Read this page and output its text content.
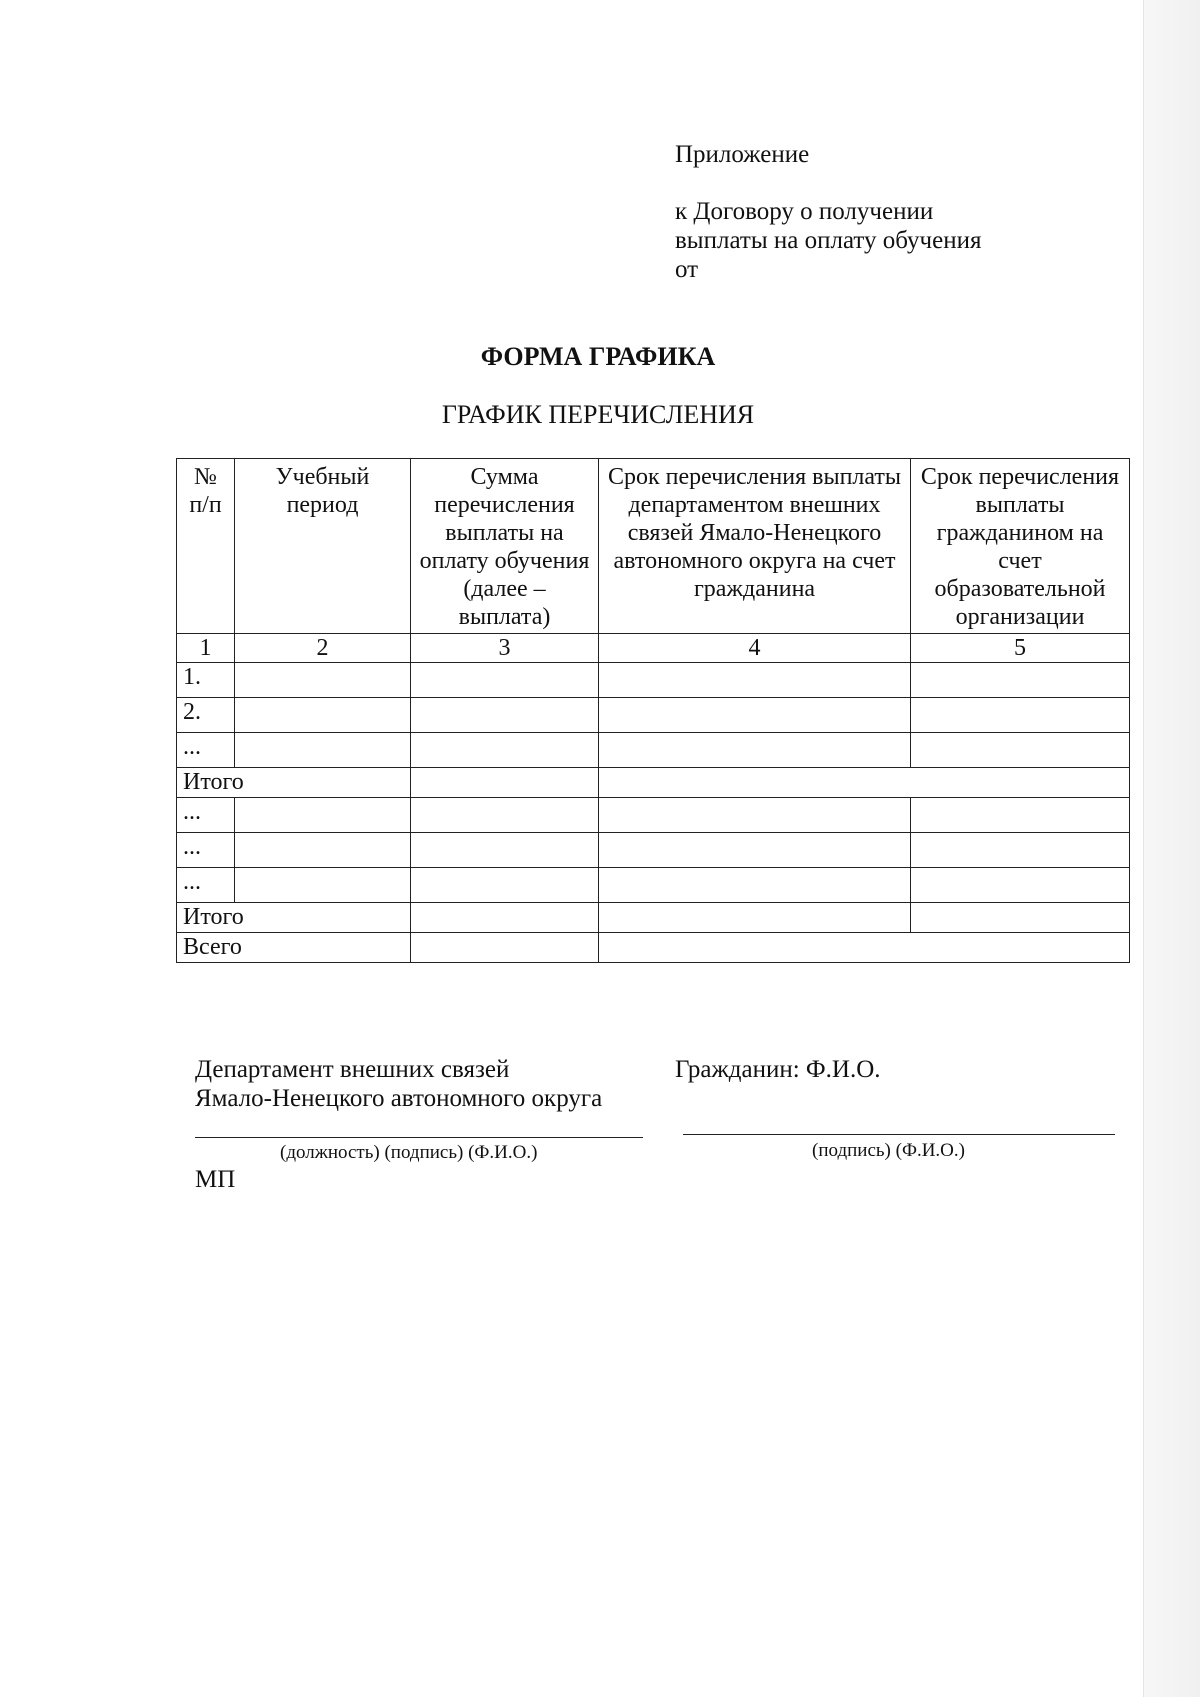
Приложение

к Договору о получении

выплаты на оплату обучения

от

ФОРМА ГРАФИКА
ГРАФИК ПЕРЕЧИСЛЕНИЯ
№ п/п	Учебный период	Сумма перечисления выплаты на оплату обучения (далее – выплата)	Срок перечисления выплаты департаментом внешних связей Ямало-Ненецкого автономного округа на счет гражданина	Срок перечисления выплаты гражданином на счет образовательной организации
1	2	3	4	5
1.				
2.				
...				
Итого				
...				
...				
...				
Итого				
Всего				

Департамент внешних связей

Ямало-Ненецкого автономного округа

Гражданин: Ф.И.О.

(должность) (подпись) (Ф.И.О.)	(подпись) (Ф.И.О.)
МП
